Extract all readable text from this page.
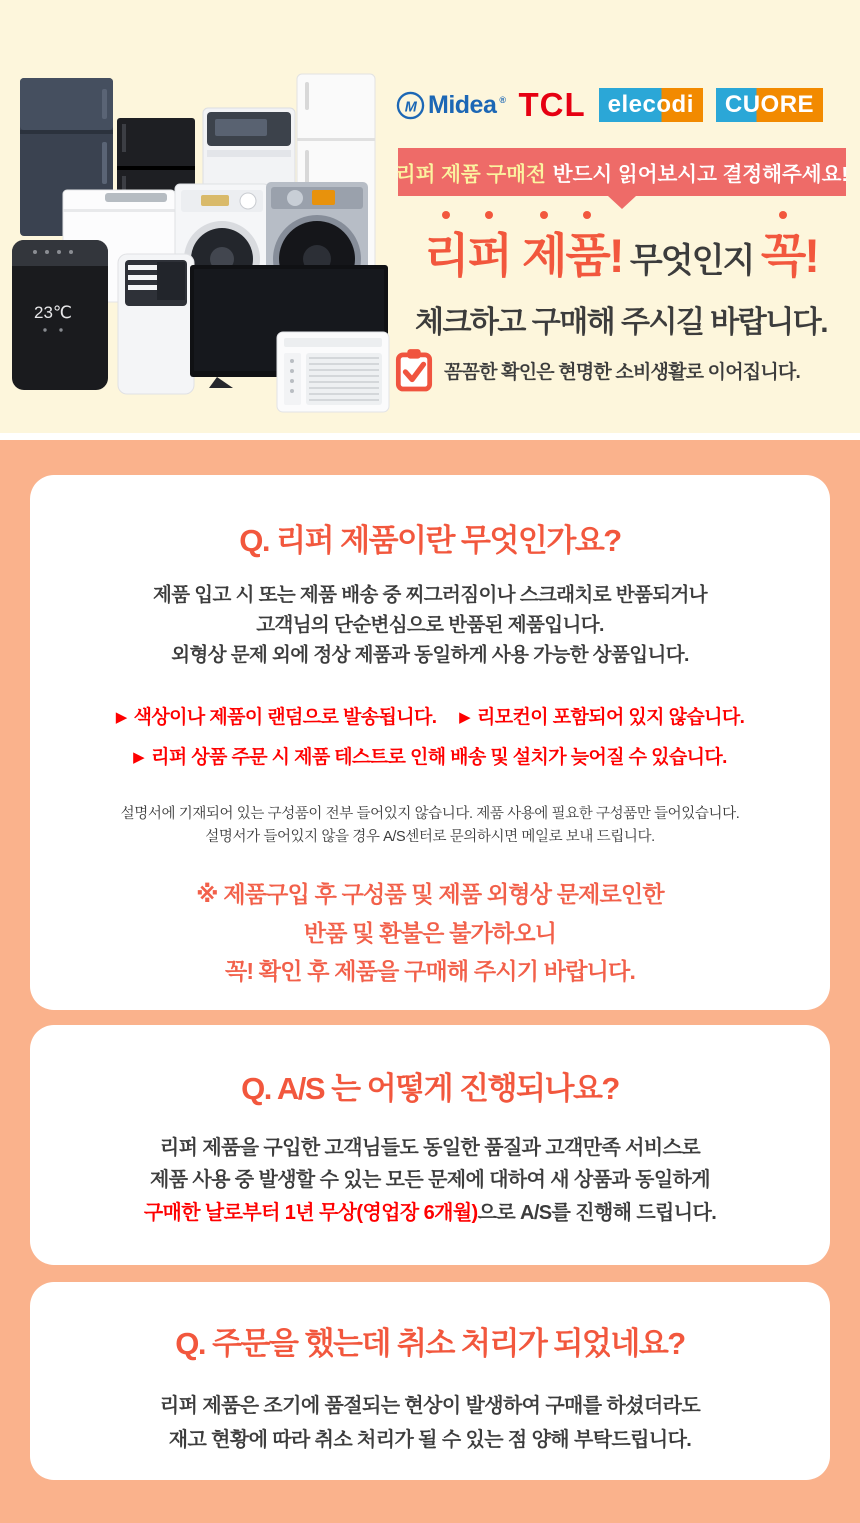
23℃
M Midea ® TCL elecodi	CUORE
리퍼 제품 구매전 반드시 읽어보시고 결정해주세요!
리퍼 제품! 무엇인지 꼭!
체크하고 구매해 주시길 바랍니다.
꼼꼼한 확인은 현명한 소비생활로 이어집니다.
Q. 리퍼 제품이란 무엇인가요?
제품 입고 시 또는 제품 배송 중 찌그러짐이나 스크래치로 반품되거나
고객님의 단순변심으로 반품된 제품입니다.
외형상 문제 외에 정상 제품과 동일하게 사용 가능한 상품입니다.
▶ 색상이나 제품이 랜덤으로 발송됩니다. ▶ 리모컨이 포함되어 있지 않습니다.
▶ 리퍼 상품 주문 시 제품 테스트로 인해 배송 및 설치가 늦어질 수 있습니다.
설명서에 기재되어 있는 구성품이 전부 들어있지 않습니다. 제품 사용에 필요한 구성품만 들어있습니다.
설명서가 들어있지 않을 경우 A/S센터로 문의하시면 메일로 보내 드립니다.
※ 제품구입 후 구성품 및 제품 외형상 문제로인한
반품 및 환불은 불가하오니
꼭! 확인 후 제품을 구매해 주시기 바랍니다.
Q. A/S 는 어떻게 진행되나요?
리퍼 제품을 구입한 고객님들도 동일한 품질과 고객만족 서비스로
제품 사용 중 발생할 수 있는 모든 문제에 대하여 새 상품과 동일하게
구매한 날로부터 1년 무상(영업장 6개월)으로 A/S를 진행해 드립니다.
Q. 주문을 했는데 취소 처리가 되었네요?
리퍼 제품은 조기에 품절되는 현상이 발생하여 구매를 하셨더라도
재고 현황에 따라 취소 처리가 될 수 있는 점 양해 부탁드립니다.
